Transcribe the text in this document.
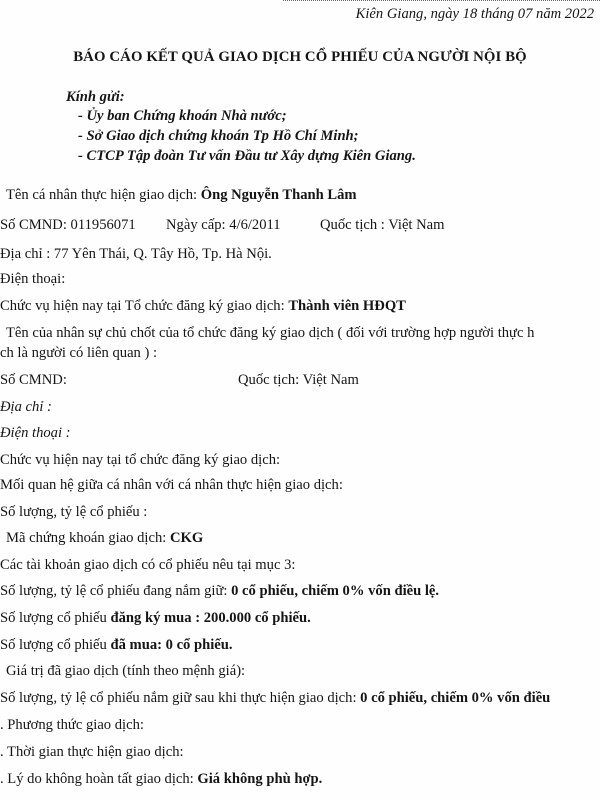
Kiên Giang, ngày 18 tháng 07 năm 2022
BÁO CÁO KẾT QUẢ GIAO DỊCH CỔ PHIẾU CỦA NGƯỜI NỘI BỘ
Kính gửi:
- Ủy ban Chứng khoán Nhà nước;
- Sở Giao dịch chứng khoán Tp Hồ Chí Minh;
- CTCP Tập đoàn Tư vấn Đầu tư Xây dựng Kiên Giang.
Tên cá nhân thực hiện giao dịch: Ông Nguyễn Thanh Lâm
Số CMND: 011956071 Ngày cấp: 4/6/2011	Quốc tịch : Việt Nam
Địa chỉ : 77 Yên Thái, Q. Tây Hồ, Tp. Hà Nội.
Điện thoại:
Chức vụ hiện nay tại Tổ chức đăng ký giao dịch: Thành viên HĐQT
Tên của nhân sự chủ chốt của tổ chức đăng ký giao dịch ( đối với trường hợp người thực h
ch là người có liên quan ) :
Số CMND:	Quốc tịch: Việt Nam
Địa chỉ :
Điện thoại :
Chức vụ hiện nay tại tổ chức đăng ký giao dịch:
Mối quan hệ giữa cá nhân với cá nhân thực hiện giao dịch:
Số lượng, tỷ lệ cổ phiếu :
Mã chứng khoán giao dịch: CKG
Các tài khoản giao dịch có cổ phiếu nêu tại mục 3:
Số lượng, tỷ lệ cổ phiếu đang nắm giữ: 0 cổ phiếu, chiếm 0% vốn điều lệ.
Số lượng cổ phiếu đăng ký mua : 200.000 cổ phiếu.
Số lượng cổ phiếu đã mua: 0 cổ phiếu.
Giá trị đã giao dịch (tính theo mệnh giá):
Số lượng, tỷ lệ cổ phiếu nắm giữ sau khi thực hiện giao dịch: 0 cổ phiếu, chiếm 0% vốn điều
. Phương thức giao dịch:
. Thời gian thực hiện giao dịch:
. Lý do không hoàn tất giao dịch: Giá không phù hợp.
